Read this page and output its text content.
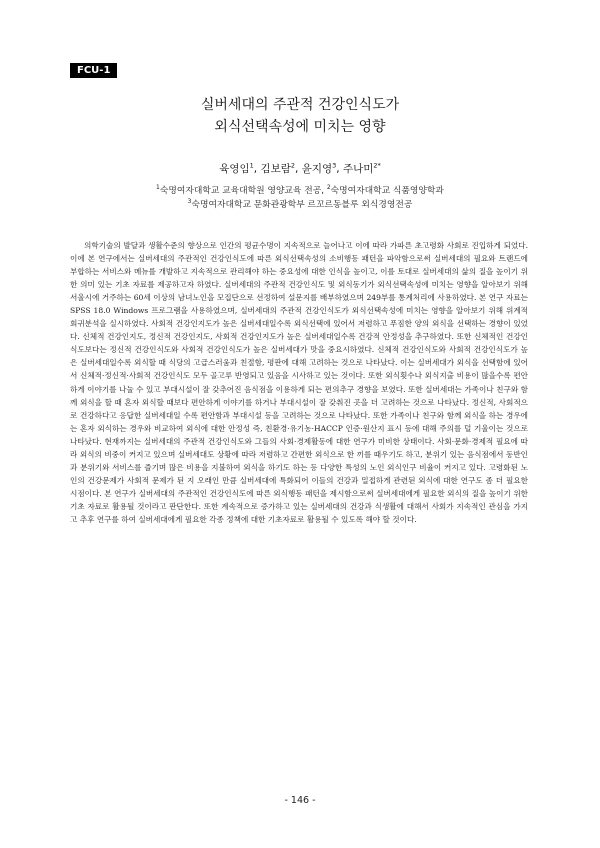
FCU-1
실버세대의 주관적 건강인식도가
외식선택속성에 미치는 영향
육영임$^1$, 김보람$^2$, 윤지영$^3$, 주나미$^{2*}$
$^1$숙명여자대학교 교육대학원 영양교육 전공, $^2$숙명여자대학교 식품영양학과
$^3$숙명여자대학교 문화관광학부 르꼬르동블루 외식경영전공

의학기술의 발달과 생활수준의 향상으로 인간의 평균수명이 지속적으로 늘어나고 이에 따라 가파른 초고령화 사회로 진입하게 되었다. 이에 본 연구에서는 실버세대의 주관적인 건강인식도에 따른 외식선택속성의 소비행동 패턴을 파악함으로써 실버세대의 필요와 트랜드에 부합하는 서비스와 메뉴를 개발하고 지속적으로 관리해야 하는 중요성에 대한 인식을 높이고, 이를 토대로 실버세대의 삶의 질을 높이기 위한 의미 있는 기초 자료를 제공하고자 하였다. 실버세대의 주관적 건강인식도 및 외식동기가 외식선택속성에 미치는 영향을 알아보기 위해 서울시에 거주하는 60세 이상의 남녀노인을 모집단으로 선정하여 설문지를 배부하였으며 249부를 통계처리에 사용하였다. 본 연구 자료는 SPSS 18.0 Windows 프로그램을 사용하였으며, 실버세대의 주관적 건강인식도가 외식선택속성에 미치는 영향을 알아보기 위해 위계적 회귀분석을 실시하였다. 사회적 건강인지도가 높은 실버세대일수록 외식선택에 있어서 저렴하고 푸짐한 양의 외식을 선택하는 경향이 있었다. 신체적 건강인지도, 정신적 건강인지도, 사회적 건강인지도가 높은 실버세대일수록 건강적 안정성을 추구하였다. 또한 신체적인 건강인식도보다는 정신적 건강인식도와 사회적 건강인식도가 높은 실버세대가 맛을 중요시하였다. 신체적 건강인식도와 사회적 건강인식도가 높은 실버세대일수록 외식할 때 식당의 고급스러움과 친절함, 평판에 대해 고려하는 것으로 나타났다. 이는 실버세대가 외식을 선택함에 있어서 신체적·정신적·사회적 건강인식도 모두 골고루 반영되고 있음을 시사하고 있는 것이다. 또한 외식횟수나 외식지출 비용이 많을수록 편안하게 이야기를 나눌 수 있고 부대시설이 잘 갖추어진 음식점을 이용하게 되는 편의추구 경향을 보였다. 또한 실버세대는 가족이나 친구와 함께 외식을 할 때 혼자 외식할 때보다 편안하게 이야기를 하거나 부대시설이 잘 갖춰진 곳을 더 고려하는 것으로 나타났다. 정신적, 사회적으로 건강하다고 응답한 실버세대일 수록 편안함과 부대시설 등을 고려하는 것으로 나타났다. 또한 가족이나 친구와 함께 외식을 하는 경우에는 혼자 외식하는 경우와 비교하여 외식에 대한 안정성 즉, 친환경·유기농·HACCP 인증·원산지 표시 등에 대해 주의를 덜 기울이는 것으로 나타났다. 현재까지는 실버세대의 주관적 건강인식도와 그들의 사회·경제활동에 대한 연구가 미비한 상태이다. 사회·문화·경제적 필요에 따라 외식의 비중이 커지고 있으며 실버세대도 상황에 따라 저렴하고 간편한 외식으로 한 끼를 때우기도 하고, 분위기 있는 음식점에서 동반인과 분위기와 서비스를 즐기며 많은 비용을 지불하여 외식을 하기도 하는 등 다양한 특성의 노인 외식인구 비율이 커지고 있다. 고령화된 노인의 건강문제가 사회적 문제가 된 지 오래인 만큼 실버세대에 특화되어 이들의 건강과 밀접하게 관련된 외식에 대한 연구도 좀 더 필요한 시점이다. 본 연구가 실버세대의 주관적인 건강인식도에 따른 외식행동 패턴을 제시함으로써 실버세대에게 필요한 외식의 질을 높이기 위한 기초 자료로 활용될 것이라고 판단한다. 또한 계속적으로 증가하고 있는 실버세대의 건강과 식생활에 대해서 사회가 지속적인 관심을 가지고 추후 연구를 하여 실버세대에게 필요한 각종 정책에 대한 기초자료로 활용될 수 있도록 해야 할 것이다.

- 146 -
